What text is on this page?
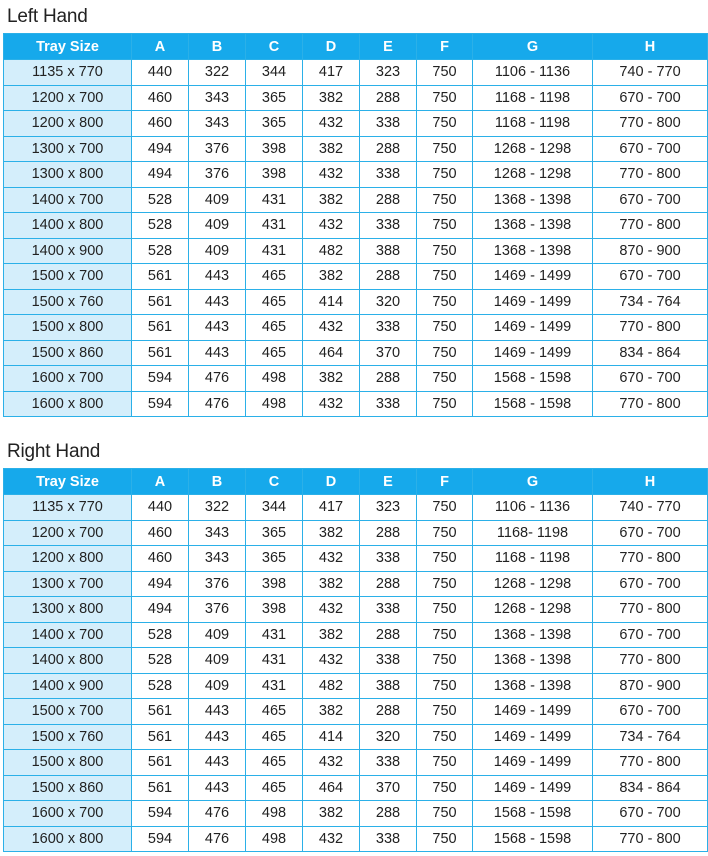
Left Hand
Tray Size	A	B	C	D	E	F	G	H
1135 x 770	440	322	344	417	323	750	1106 - 1136	740 - 770
1200 x 700	460	343	365	382	288	750	1168 - 1198	670 - 700
1200 x 800	460	343	365	432	338	750	1168 - 1198	770 - 800
1300 x 700	494	376	398	382	288	750	1268 - 1298	670 - 700
1300 x 800	494	376	398	432	338	750	1268 - 1298	770 - 800
1400 x 700	528	409	431	382	288	750	1368 - 1398	670 - 700
1400 x 800	528	409	431	432	338	750	1368 - 1398	770 - 800
1400 x 900	528	409	431	482	388	750	1368 - 1398	870 - 900
1500 x 700	561	443	465	382	288	750	1469 - 1499	670 - 700
1500 x 760	561	443	465	414	320	750	1469 - 1499	734 - 764
1500 x 800	561	443	465	432	338	750	1469 - 1499	770 - 800
1500 x 860	561	443	465	464	370	750	1469 - 1499	834 - 864
1600 x 700	594	476	498	382	288	750	1568 - 1598	670 - 700
1600 x 800	594	476	498	432	338	750	1568 - 1598	770 - 800
Right Hand
Tray Size	A	B	C	D	E	F	G	H
1135 x 770	440	322	344	417	323	750	1106 - 1136	740 - 770
1200 x 700	460	343	365	382	288	750	1168- 1198	670 - 700
1200 x 800	460	343	365	432	338	750	1168 - 1198	770 - 800
1300 x 700	494	376	398	382	288	750	1268 - 1298	670 - 700
1300 x 800	494	376	398	432	338	750	1268 - 1298	770 - 800
1400 x 700	528	409	431	382	288	750	1368 - 1398	670 - 700
1400 x 800	528	409	431	432	338	750	1368 - 1398	770 - 800
1400 x 900	528	409	431	482	388	750	1368 - 1398	870 - 900
1500 x 700	561	443	465	382	288	750	1469 - 1499	670 - 700
1500 x 760	561	443	465	414	320	750	1469 - 1499	734 - 764
1500 x 800	561	443	465	432	338	750	1469 - 1499	770 - 800
1500 x 860	561	443	465	464	370	750	1469 - 1499	834 - 864
1600 x 700	594	476	498	382	288	750	1568 - 1598	670 - 700
1600 x 800	594	476	498	432	338	750	1568 - 1598	770 - 800
